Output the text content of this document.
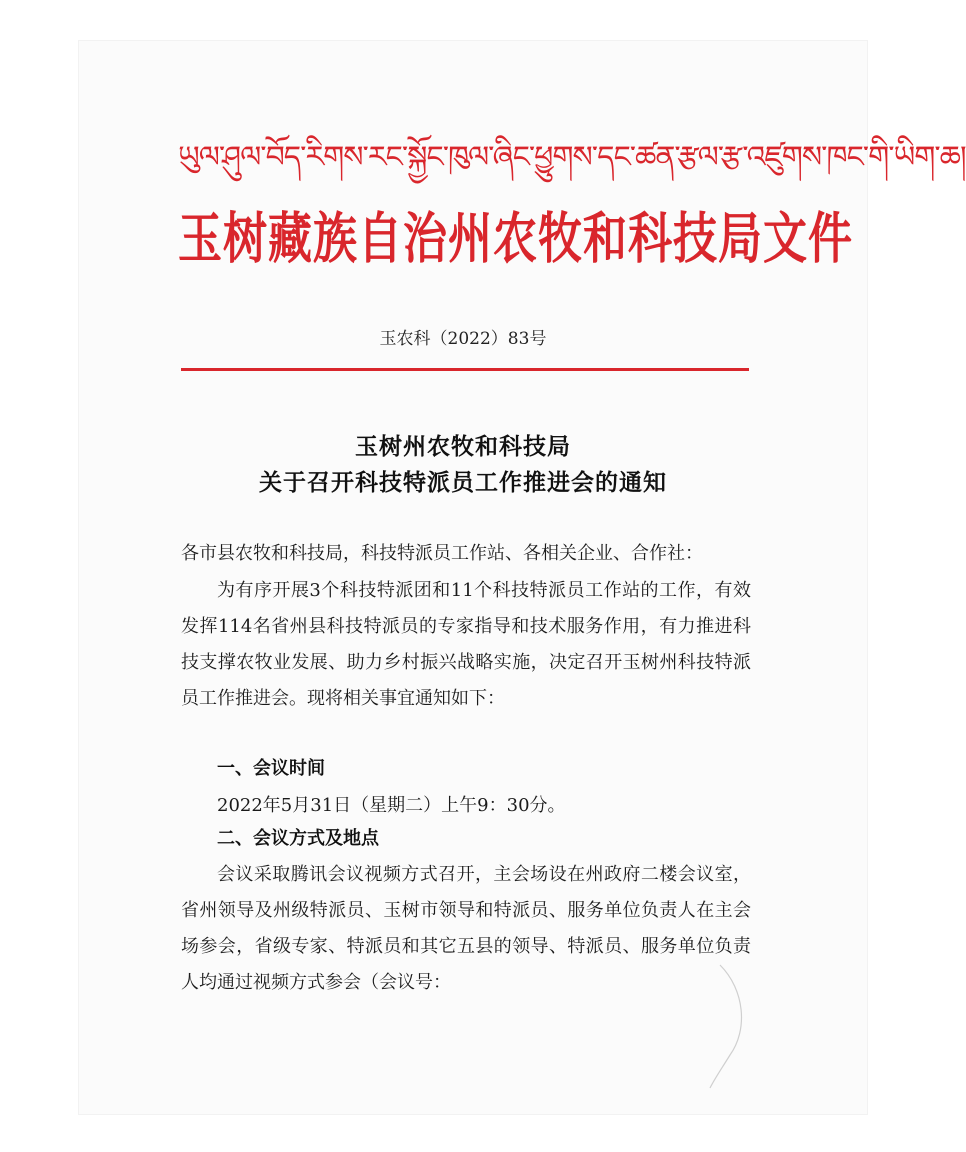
ཡུལ་ཤུལ་བོད་རིགས་རང་སྐྱོང་ཁུལ་ཞིང་ཕྱུགས་དང་ཚན་རྩལ་རྩ་འཛུགས་ཁང་གི་ཡིག་ཆ།
玉树藏族自治州农牧和科技局文件
玉农科（2022）83号
玉树州农牧和科技局
关于召开科技特派员工作推进会的通知
各市县农牧和科技局，科技特派员工作站、各相关企业、合作社：
为有序开展3个科技特派团和11个科技特派员工作站的工作，有效发挥114名省州县科技特派员的专家指导和技术服务作用，有力推进科技支撑农牧业发展、助力乡村振兴战略实施，决定召开玉树州科技特派员工作推进会。现将相关事宜通知如下：
一、会议时间
2022年5月31日（星期二）上午9：30分。
二、会议方式及地点
会议采取腾讯会议视频方式召开，主会场设在州政府二楼会议室，省州领导及州级特派员、玉树市领导和特派员、服务单位负责人在主会场参会，省级专家、特派员和其它五县的领导、特派员、服务单位负责人均通过视频方式参会（会议号：
